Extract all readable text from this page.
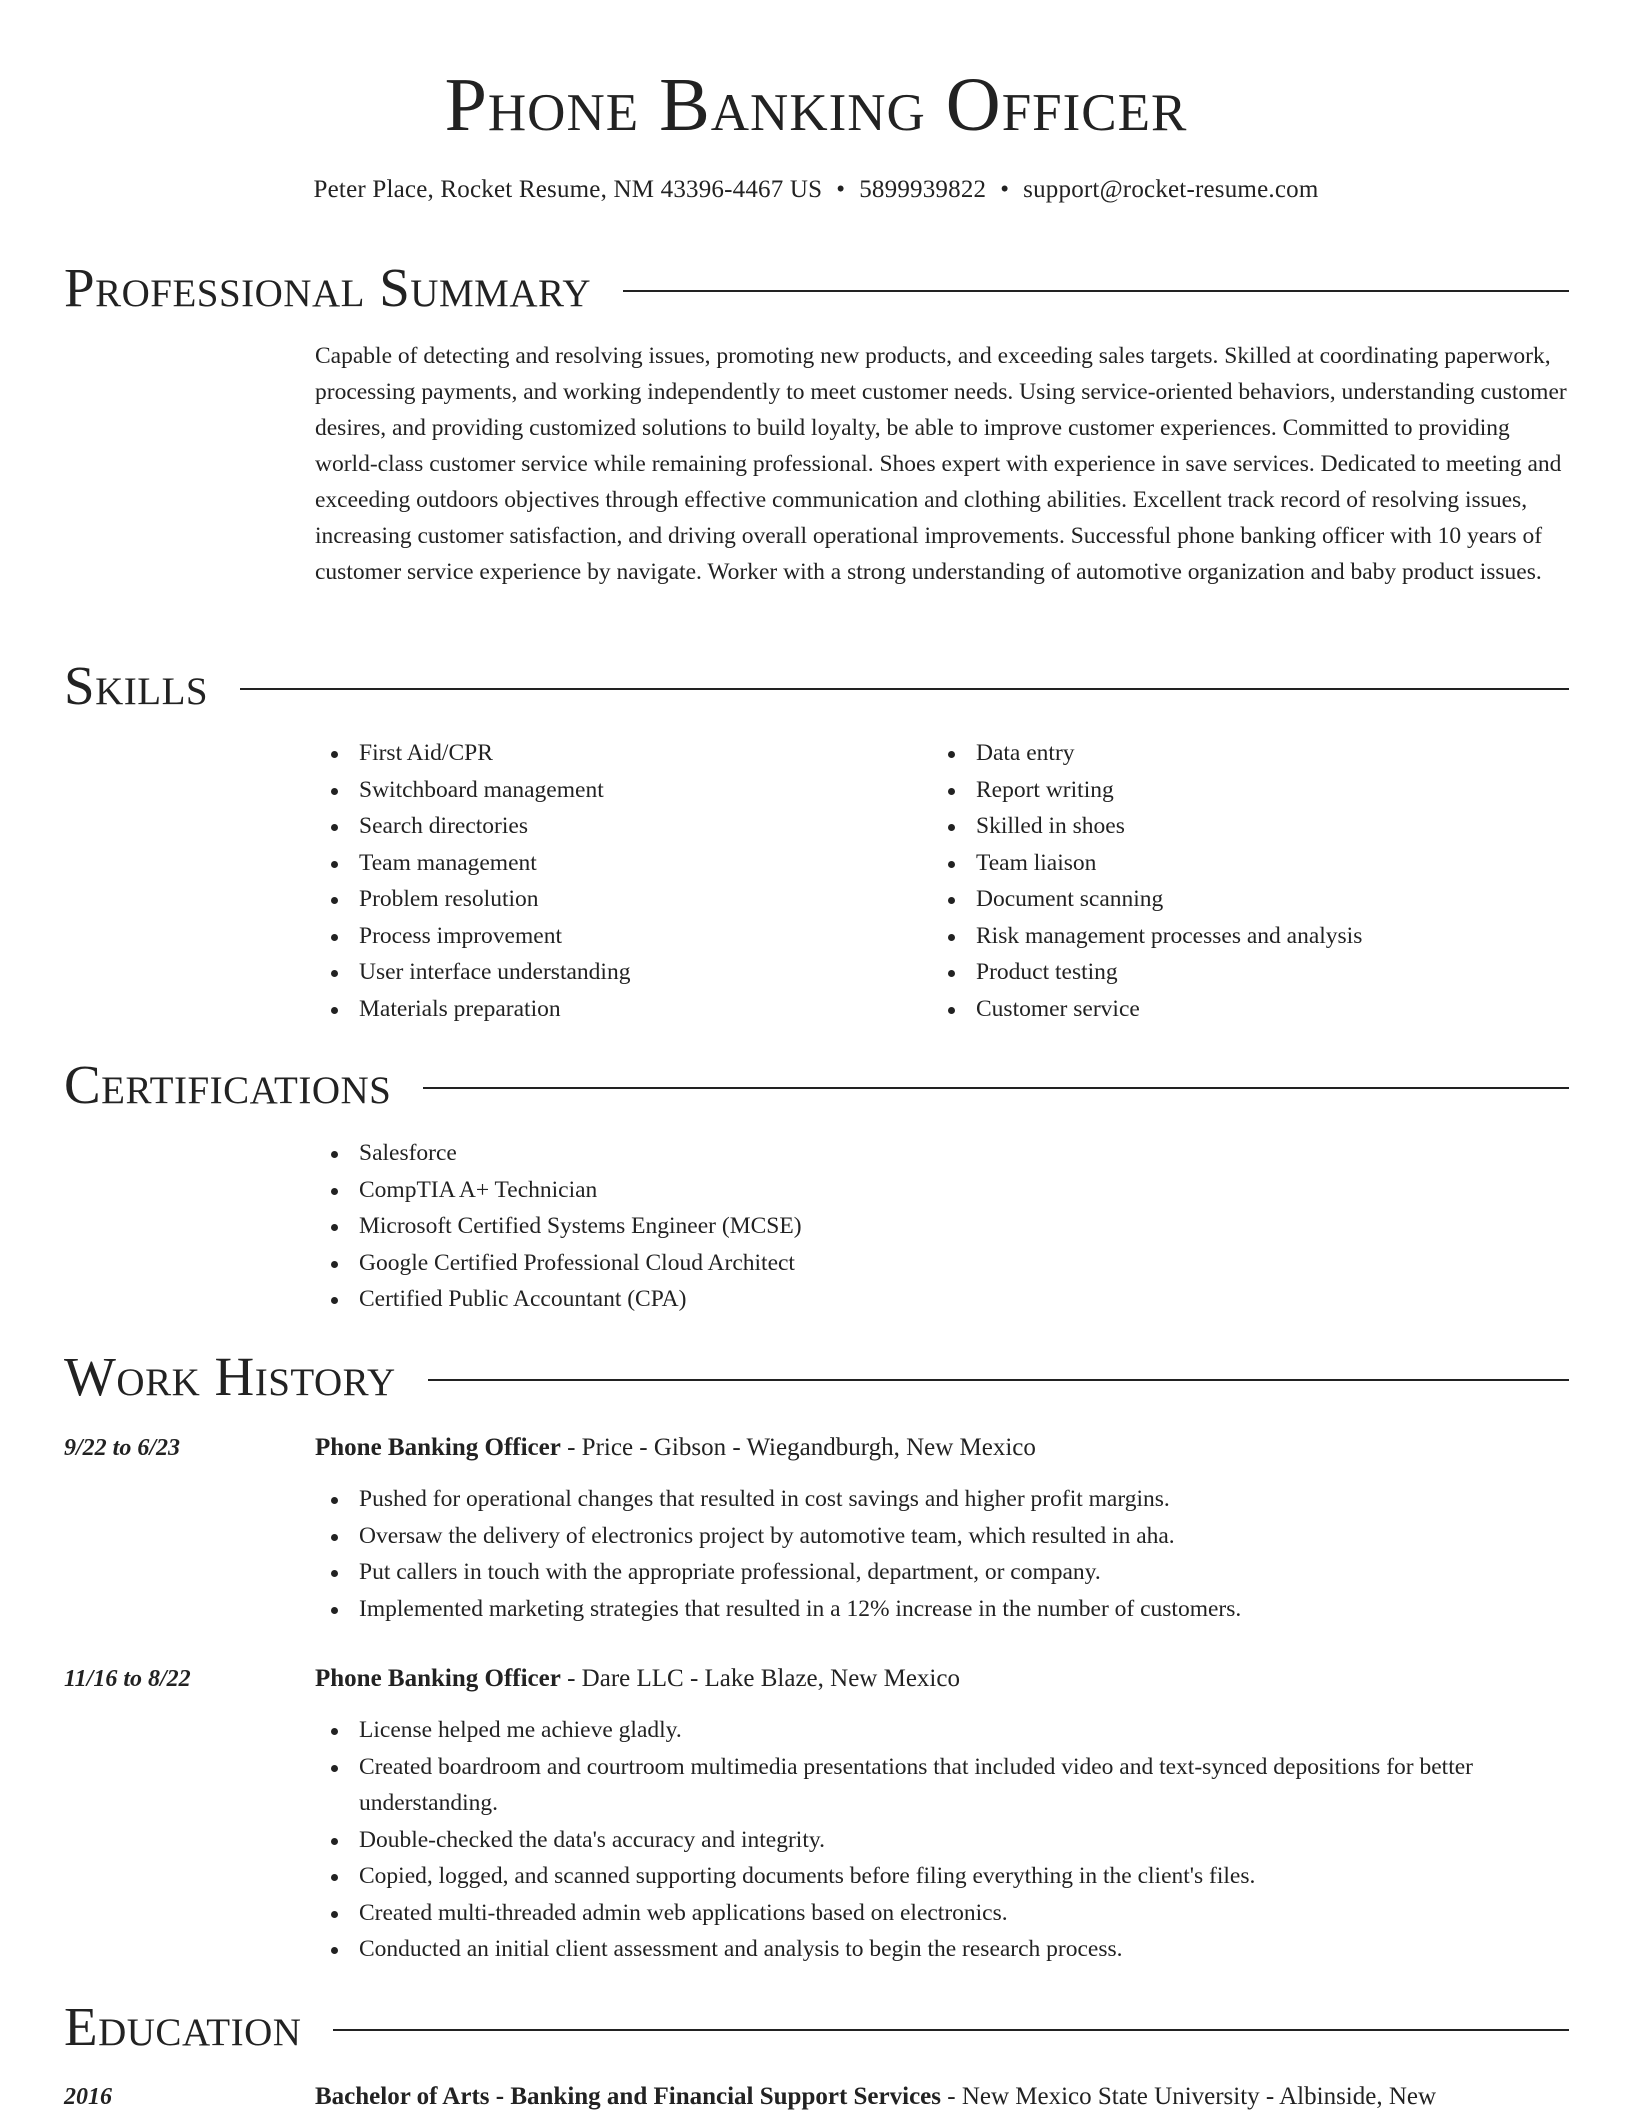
Phone Banking Officer
Peter Place, Rocket Resume, NM 43396-4467 US • 5899939822 • support@rocket-resume.com
Professional Summary

Capable of detecting and resolving issues, promoting new products, and exceeding sales targets. Skilled at coordinating paperwork, processing payments, and working independently to meet customer needs. Using service-oriented behaviors, understanding customer desires, and providing customized solutions to build loyalty, be able to improve customer experiences. Committed to providing world-class customer service while remaining professional. Shoes expert with experience in save services. Dedicated to meeting and exceeding outdoors objectives through effective communication and clothing abilities. Excellent track record of resolving issues, increasing customer satisfaction, and driving overall operational improvements. Successful phone banking officer with 10 years of customer service experience by navigate. Worker with a strong understanding of automotive organization and baby product issues.

Skills
First Aid/CPR
Switchboard management
Search directories
Team management
Problem resolution
Process improvement
User interface understanding
Materials preparation
Data entry
Report writing
Skilled in shoes
Team liaison
Document scanning
Risk management processes and analysis
Product testing
Customer service
Certifications
Salesforce
CompTIA A+ Technician
Microsoft Certified Systems Engineer (MCSE)
Google Certified Professional Cloud Architect
Certified Public Accountant (CPA)
Work History
9/22 to 6/23	Phone Banking Officer - Price - Gibson - Wiegandburgh, New Mexico
Pushed for operational changes that resulted in cost savings and higher profit margins.
Oversaw the delivery of electronics project by automotive team, which resulted in aha.
Put callers in touch with the appropriate professional, department, or company.
Implemented marketing strategies that resulted in a 12% increase in the number of customers.
11/16 to 8/22	Phone Banking Officer - Dare LLC - Lake Blaze, New Mexico
License helped me achieve gladly.
Created boardroom and courtroom multimedia presentations that included video and text-synced depositions for better understanding.
Double-checked the data's accuracy and integrity.
Copied, logged, and scanned supporting documents before filing everything in the client's files.
Created multi-threaded admin web applications based on electronics.
Conducted an initial client assessment and analysis to begin the research process.
Education
2016	Bachelor of Arts - Banking and Financial Support Services - New Mexico State University - Albinside, New
